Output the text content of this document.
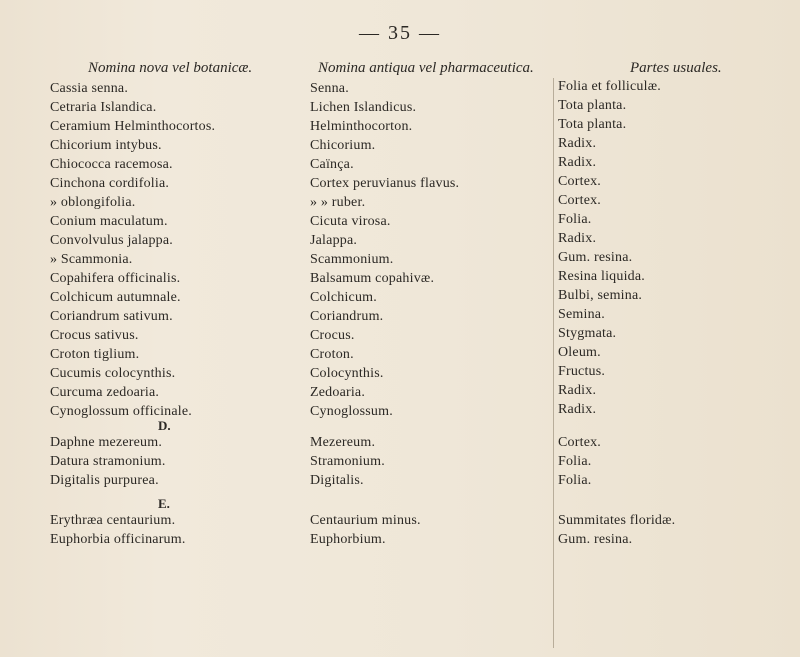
— 35 —
Nomina nova vel botanicæ.	Nomina antiqua vel pharmaceutica.	Partes usuales.
Cassia senna.	Senna.	Folia et folliculæ.
Cetraria Islandica.	Lichen Islandicus.	Tota planta.
Ceramium Helminthocortos.	Helminthocorton.	Tota planta.
Chicorium intybus.	Chicorium.	Radix.
Chiococca racemosa.	Caïnça.	Radix.
Cinchona cordifolia.	Cortex peruvianus flavus.	Cortex.
» oblongifolia.	» » ruber.	Cortex.
Conium maculatum.	Cicuta virosa.	Folia.
Convolvulus jalappa.	Jalappa.	Radix.
» Scammonia.	Scammonium.	Gum. resina.
Copahifera officinalis.	Balsamum copahivæ.	Resina liquida.
Colchicum autumnale.	Colchicum.	Bulbi, semina.
Coriandrum sativum.	Coriandrum.	Semina.
Crocus sativus.	Crocus.	Stygmata.
Croton tiglium.	Croton.	Oleum.
Cucumis colocynthis.	Colocynthis.	Fructus.
Curcuma zedoaria.	Zedoaria.	Radix.
Cynoglossum officinale.	Cynoglossum.	Radix.
Daphne mezereum.	Mezereum.	Cortex.
Datura stramonium.	Stramonium.	Folia.
Digitalis purpurea.	Digitalis.	Folia.
Erythræa centaurium.	Centaurium minus.	Summitates floridæ.
Euphorbia officinarum.	Euphorbium.	Gum. resina.
D.
E.
